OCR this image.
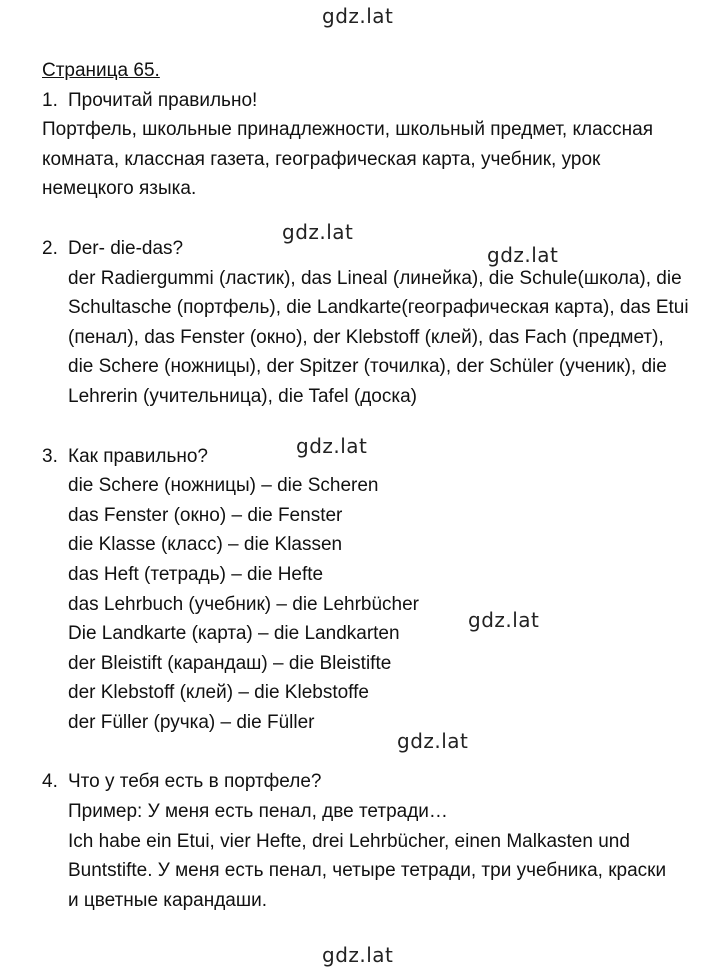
gdz.lat
gdz.lat
gdz.lat
gdz.lat
gdz.lat
gdz.lat
gdz.lat
Страница 65.
1. Прочитай правильно!
Портфель, школьные принадлежности, школьный предмет, классная
комната, классная газета, географическая карта, учебник, урок
немецкого языка.
2. Der- die-das?
der Radiergummi (ластик), das Lineal (линейка), die Schule(школа), die
Schultasche (портфель), die Landkarte(географическая карта), das Etui
(пенал), das Fenster (окно), der Klebstoff (клей), das Fach (предмет),
die Schere (ножницы), der Spitzer (точилка), der Schüler (ученик), die
Lehrerin (учительница), die Tafel (доска)
3. Как правильно?
die Schere (ножницы) – die Scheren
das Fenster (окно) – die Fenster
die Klasse (класс) – die Klassen
das Heft (тетрадь) – die Hefte
das Lehrbuch (учебник) – die Lehrbücher
Die Landkarte (карта) – die Landkarten
der Bleistift (карандаш) – die Bleistifte
der Klebstoff (клей) – die Klebstoffe
der Füller (ручка) – die Füller
4. Что у тебя есть в портфеле?
Пример: У меня есть пенал, две тетради…
Ich habe ein Etui, vier Hefte, drei Lehrbücher, einen Malkasten und
Buntstifte. У меня есть пенал, четыре тетради, три учебника, краски
и цветные карандаши.
